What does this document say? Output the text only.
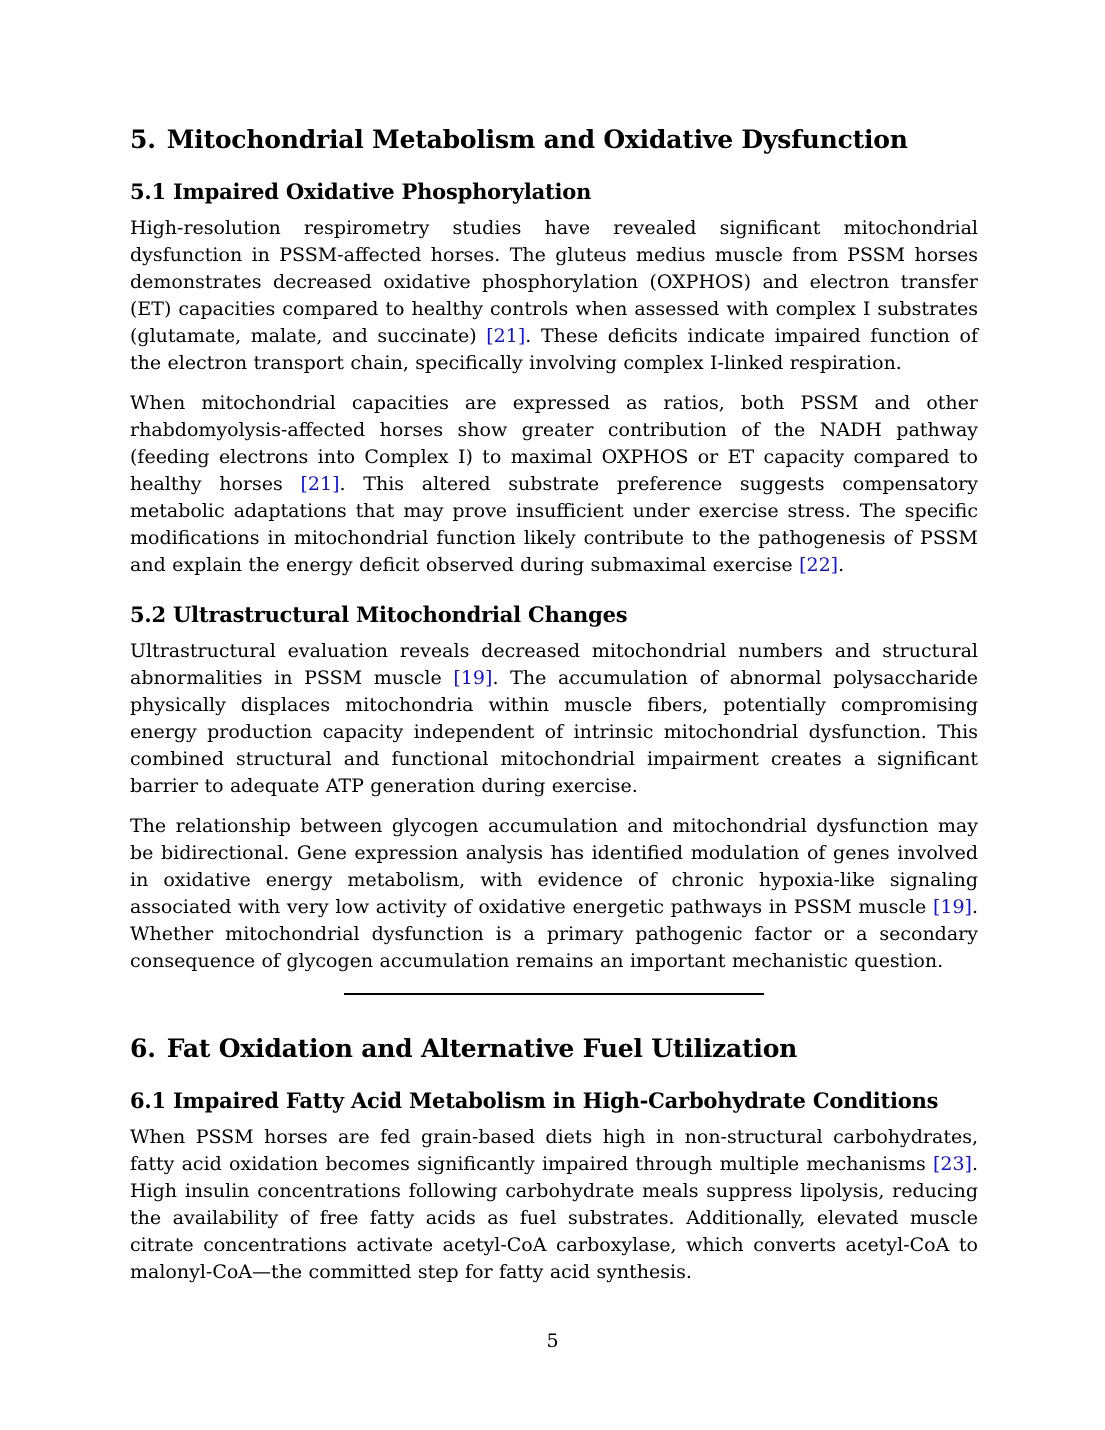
5. Mitochondrial Metabolism and Oxidative Dysfunction
5.1 Impaired Oxidative Phosphorylation

High-resolution respirometry studies have revealed significant mitochondrial dysfunction in PSSM-affected horses. The gluteus medius muscle from PSSM horses demonstrates decreased oxidative phosphorylation (OXPHOS) and electron transfer (ET) capacities compared to healthy controls when assessed with complex I substrates (glutamate, malate, and succinate) [21]. These deficits indicate impaired function of the electron transport chain, specifically involving complex I-linked respiration.

When mitochondrial capacities are expressed as ratios, both PSSM and other rhabdomyolysis-affected horses show greater contribution of the NADH pathway (feeding electrons into Complex I) to maximal OXPHOS or ET capacity compared to healthy horses [21]. This altered substrate preference suggests compensatory metabolic adaptations that may prove insufficient under exercise stress. The specific modifications in mitochondrial function likely contribute to the pathogenesis of PSSM and explain the energy deficit observed during submaximal exercise [22].

5.2 Ultrastructural Mitochondrial Changes

Ultrastructural evaluation reveals decreased mitochondrial numbers and structural abnormalities in PSSM muscle [19]. The accumulation of abnormal polysaccharide physically displaces mitochondria within muscle fibers, potentially compromising energy production capacity independent of intrinsic mitochondrial dysfunction. This combined structural and functional mitochondrial impairment creates a significant barrier to adequate ATP generation during exercise.

The relationship between glycogen accumulation and mitochondrial dysfunction may be bidirectional. Gene expression analysis has identified modulation of genes involved in oxidative energy metabolism, with evidence of chronic hypoxia-like signaling associated with very low activity of oxidative energetic pathways in PSSM muscle [19]. Whether mitochondrial dysfunction is a primary pathogenic factor or a secondary consequence of glycogen accumulation remains an important mechanistic question.

6. Fat Oxidation and Alternative Fuel Utilization
6.1 Impaired Fatty Acid Metabolism in High-Carbohydrate Conditions

When PSSM horses are fed grain-based diets high in non-structural carbohydrates, fatty acid oxidation becomes significantly impaired through multiple mechanisms [23]. High insulin concentrations following carbohydrate meals suppress lipolysis, reducing the availability of free fatty acids as fuel substrates. Additionally, elevated muscle citrate concentrations activate acetyl-CoA carboxylase, which converts acetyl-CoA to malonyl-CoA—the committed step for fatty acid synthesis.

5
